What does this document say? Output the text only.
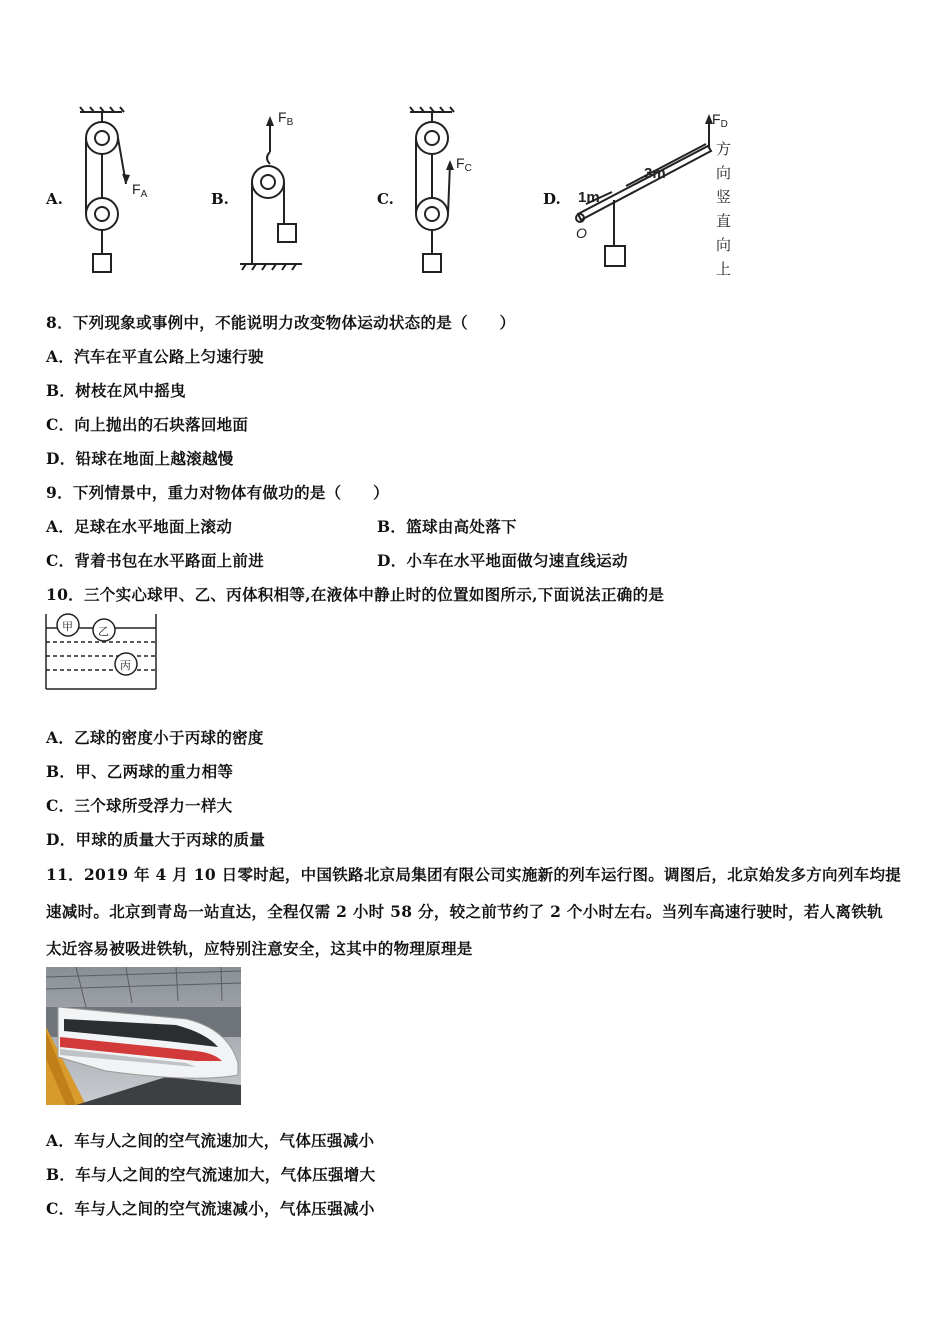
A.
$F_A$	B.
$F_B$
C.
$F_C$
D. 1m
3m
O
$F_D$
方
向
竖
直
向
上
8．下列现象或事例中，不能说明力改变物体运动状态的是（　　）
A．汽车在平直公路上匀速行驶
B．树枝在风中摇曳
C．向上抛出的石块落回地面
D．铅球在地面上越滚越慢
9．下列情景中，重力对物体有做功的是（　　）
A．足球在水平地面上滚动	B．篮球由高处落下
C．背着书包在水平路面上前进	D．小车在水平地面做匀速直线运动
10．三个实心球甲、乙、丙体积相等,在液体中静止时的位置如图所示,下面说法正确的是
甲 乙
丙
A．乙球的密度小于丙球的密度
B．甲、乙两球的重力相等
C．三个球所受浮力一样大
D．甲球的质量大于丙球的质量
11．2019 年 4 月 10 日零时起，中国铁路北京局集团有限公司实施新的列车运行图。调图后，北京始发多方向列车均提
速减时。北京到青岛一站直达，全程仅需 2 小时 58 分，较之前节约了 2 个小时左右。当列车高速行驶时，若人离铁轨
太近容易被吸进铁轨，应特别注意安全，这其中的物理原理是
A．车与人之间的空气流速加大，气体压强减小
B．车与人之间的空气流速加大，气体压强增大
C．车与人之间的空气流速减小，气体压强减小
